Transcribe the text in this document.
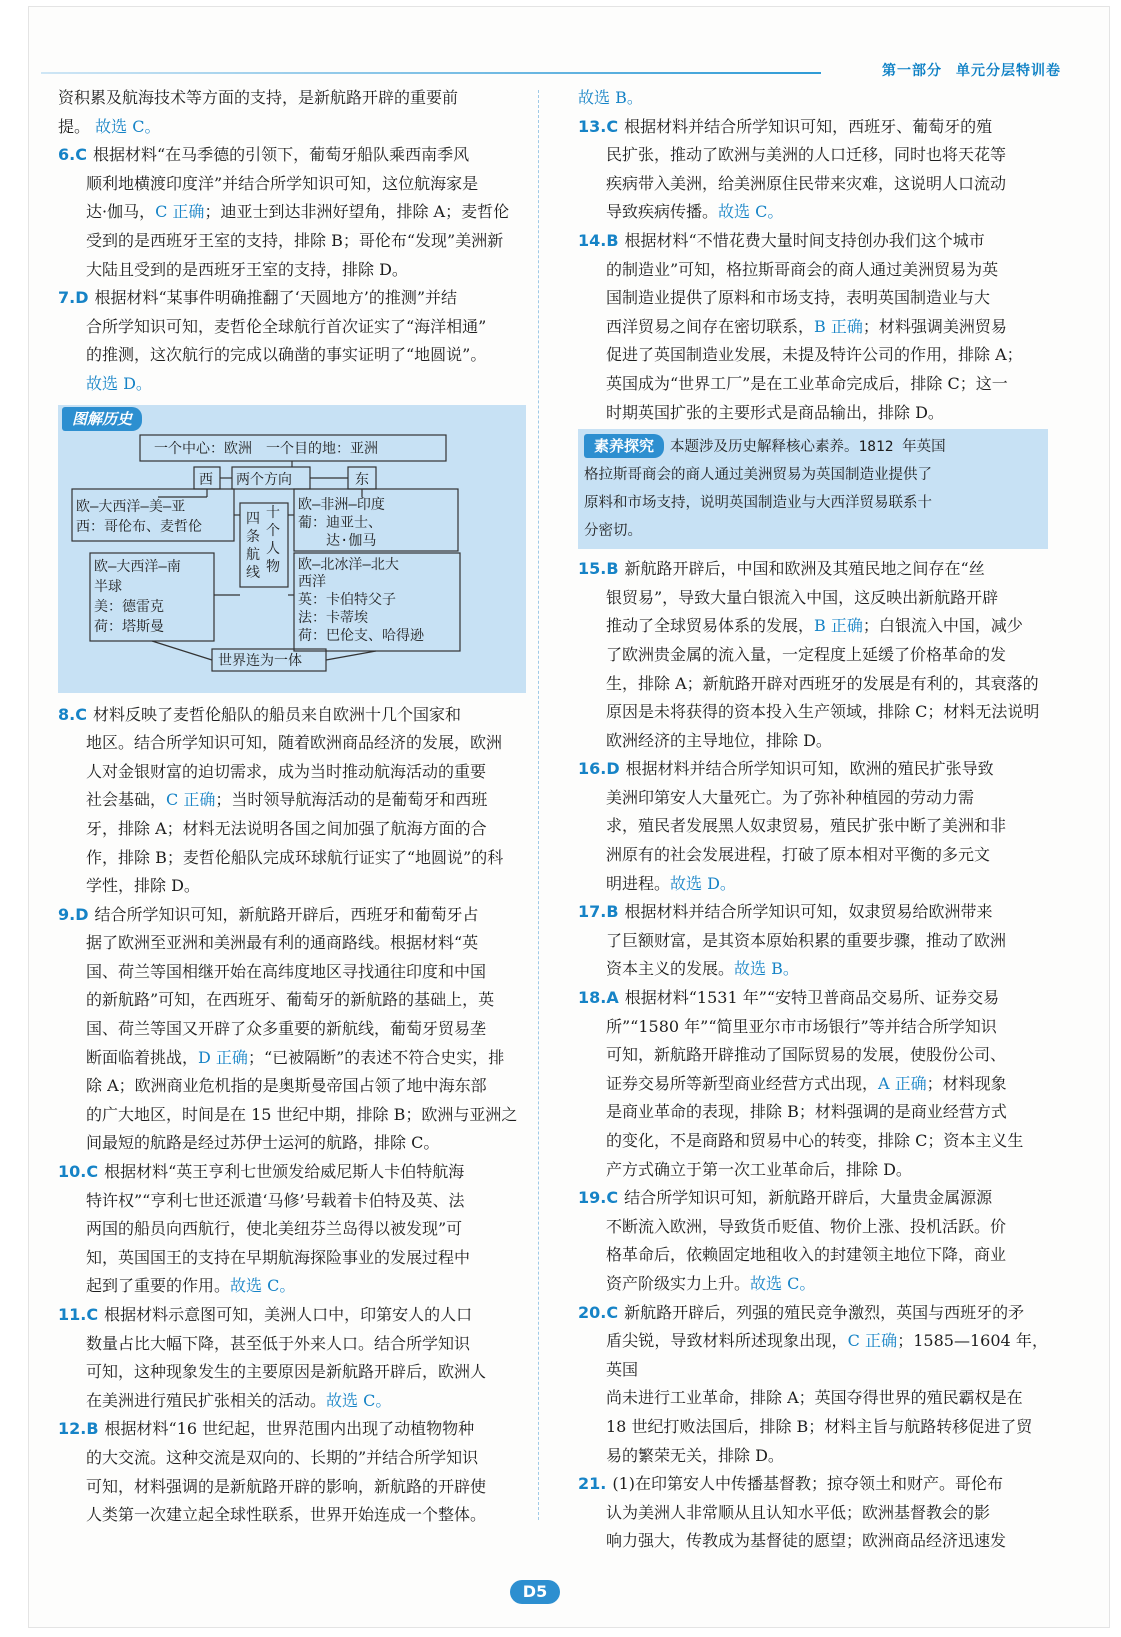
第一部分 单元分层特训卷
资积累及航海技术等方面的支持，是新航路开辟的重要前
提。 故选 C。
6.C 根据材料“在马季德的引领下，葡萄牙船队乘西南季风
顺利地横渡印度洋”并结合所学知识可知，这位航海家是
达·伽马，C 正确；迪亚士到达非洲好望角，排除 A；麦哲伦
受到的是西班牙王室的支持，排除 B；哥伦布“发现”美洲新
大陆且受到的是西班牙王室的支持，排除 D。
7.D 根据材料“某事件明确推翻了‘天圆地方’的推测”并结
合所学知识可知，麦哲伦全球航行首次证实了“海洋相通”
的推测，这次航行的完成以确凿的事实证明了“地圆说”。
故选 D。
图解历史
一个中心：欧洲　一个目的地：亚洲
西 两个方向	东
四
条
航
线
十
个
人
物
欧—大西洋—美—亚
西：哥伦布、麦哲伦
欧—大西洋—南
半球
美：德雷克
荷：塔斯曼
欧—非洲—印度
葡：迪亚士、
　　达·伽马
欧—北冰洋—北大
西洋
英：卡伯特父子
法：卡蒂埃
荷：巴伦支、哈得逊
世界连为一体
8.C 材料反映了麦哲伦船队的船员来自欧洲十几个国家和
地区。结合所学知识可知，随着欧洲商品经济的发展，欧洲
人对金银财富的迫切需求，成为当时推动航海活动的重要
社会基础，C 正确；当时领导航海活动的是葡萄牙和西班
牙，排除 A；材料无法说明各国之间加强了航海方面的合
作，排除 B；麦哲伦船队完成环球航行证实了“地圆说”的科
学性，排除 D。
9.D 结合所学知识可知，新航路开辟后，西班牙和葡萄牙占
据了欧洲至亚洲和美洲最有利的通商路线。根据材料“英
国、荷兰等国相继开始在高纬度地区寻找通往印度和中国
的新航路”可知，在西班牙、葡萄牙的新航路的基础上，英
国、荷兰等国又开辟了众多重要的新航线，葡萄牙贸易垄
断面临着挑战，D 正确；“已被隔断”的表述不符合史实，排
除 A；欧洲商业危机指的是奥斯曼帝国占领了地中海东部
的广大地区，时间是在 15 世纪中期，排除 B；欧洲与亚洲之
间最短的航路是经过苏伊士运河的航路，排除 C。
10.C 根据材料“英王亨利七世颁发给威尼斯人卡伯特航海
特许权”“亨利七世还派遣‘马修’号载着卡伯特及英、法
两国的船员向西航行，使北美纽芬兰岛得以被发现”可
知，英国国王的支持在早期航海探险事业的发展过程中
起到了重要的作用。故选 C。
11.C 根据材料示意图可知，美洲人口中，印第安人的人口
数量占比大幅下降，甚至低于外来人口。结合所学知识
可知，这种现象发生的主要原因是新航路开辟后，欧洲人
在美洲进行殖民扩张相关的活动。故选 C。
12.B 根据材料“16 世纪起，世界范围内出现了动植物物种
的大交流。这种交流是双向的、长期的”并结合所学知识
可知，材料强调的是新航路开辟的影响，新航路的开辟使
人类第一次建立起全球性联系，世界开始连成一个整体。
故选 B。
13.C 根据材料并结合所学知识可知，西班牙、葡萄牙的殖
民扩张，推动了欧洲与美洲的人口迁移，同时也将天花等
疾病带入美洲，给美洲原住民带来灾难，这说明人口流动
导致疾病传播。故选 C。
14.B 根据材料“不惜花费大量时间支持创办我们这个城市
的制造业”可知，格拉斯哥商会的商人通过美洲贸易为英
国制造业提供了原料和市场支持，表明英国制造业与大
西洋贸易之间存在密切联系，B 正确；材料强调美洲贸易
促进了英国制造业发展，未提及特许公司的作用，排除 A；
英国成为“世界工厂”是在工业革命完成后，排除 C；这一
时期英国扩张的主要形式是商品输出，排除 D。
素养探究 本题涉及历史解释核心素养。1812 年英国
格拉斯哥商会的商人通过美洲贸易为英国制造业提供了
原料和市场支持，说明英国制造业与大西洋贸易联系十
分密切。
15.B 新航路开辟后，中国和欧洲及其殖民地之间存在“丝
银贸易”，导致大量白银流入中国，这反映出新航路开辟
推动了全球贸易体系的发展，B 正确；白银流入中国，减少
了欧洲贵金属的流入量，一定程度上延缓了价格革命的发
生，排除 A；新航路开辟对西班牙的发展是有利的，其衰落的
原因是未将获得的资本投入生产领域，排除 C；材料无法说明
欧洲经济的主导地位，排除 D。
16.D 根据材料并结合所学知识可知，欧洲的殖民扩张导致
美洲印第安人大量死亡。为了弥补种植园的劳动力需
求，殖民者发展黑人奴隶贸易，殖民扩张中断了美洲和非
洲原有的社会发展进程，打破了原本相对平衡的多元文
明进程。故选 D。
17.B 根据材料并结合所学知识可知，奴隶贸易给欧洲带来
了巨额财富，是其资本原始积累的重要步骤，推动了欧洲
资本主义的发展。故选 B。
18.A 根据材料“1531 年”“安特卫普商品交易所、证券交易
所”“1580 年”“简里亚尔市市场银行”等并结合所学知识
可知，新航路开辟推动了国际贸易的发展，使股份公司、
证券交易所等新型商业经营方式出现，A 正确；材料现象
是商业革命的表现，排除 B；材料强调的是商业经营方式
的变化，不是商路和贸易中心的转变，排除 C；资本主义生
产方式确立于第一次工业革命后，排除 D。
19.C 结合所学知识可知，新航路开辟后，大量贵金属源源
不断流入欧洲，导致货币贬值、物价上涨、投机活跃。价
格革命后，依赖固定地租收入的封建领主地位下降，商业
资产阶级实力上升。故选 C。
20.C 新航路开辟后，列强的殖民竞争激烈，英国与西班牙的矛
盾尖锐，导致材料所述现象出现，C 正确；1585—1604 年，英国
尚未进行工业革命，排除 A；英国夺得世界的殖民霸权是在
18 世纪打败法国后，排除 B；材料主旨与航路转移促进了贸
易的繁荣无关，排除 D。
21. (1)在印第安人中传播基督教；掠夺领土和财产。哥伦布
认为美洲人非常顺从且认知水平低；欧洲基督教会的影
响力强大，传教成为基督徒的愿望；欧洲商品经济迅速发
D5
